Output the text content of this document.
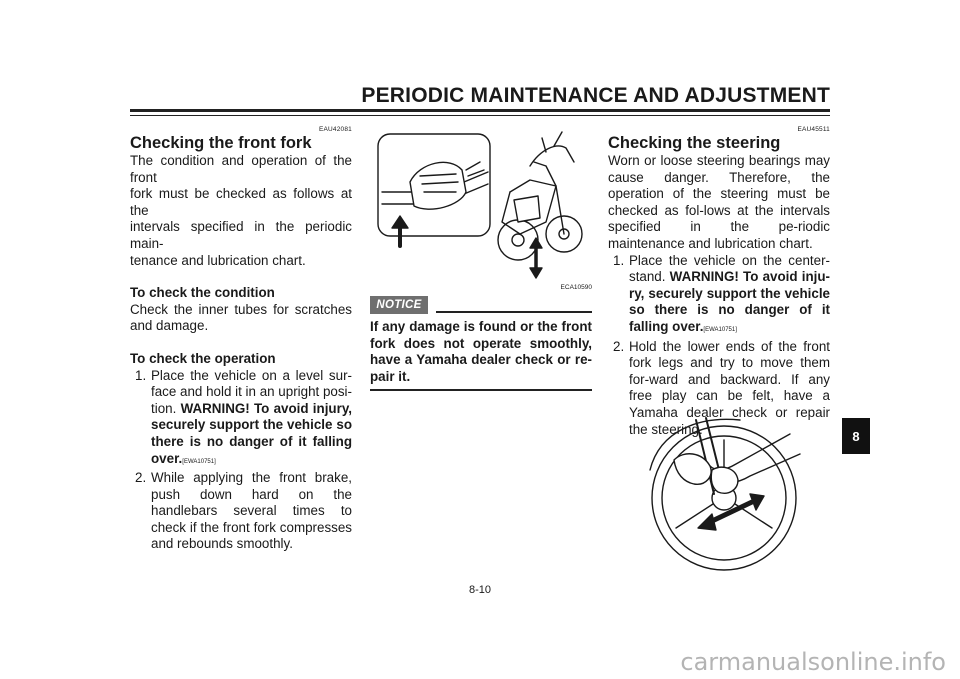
PERIODIC MAINTENANCE AND ADJUSTMENT
EAU42081
Checking the front fork

The condition and operation of the front

fork must be checked as follows at the

intervals specified in the periodic main-

tenance and lubrication chart.

To check the condition

Check the inner tubes for scratches and damage.

To check the operation

1. Place the vehicle on a level sur-face and hold it in an upright posi-tion. WARNING! To avoid injury, securely support the vehicle so there is no danger of it falling over.[EWA10751]
2. While applying the front brake, push down hard on the handlebars several times to check if the front fork compresses and rebounds smoothly.
ECA10590
NOTICE

If any damage is found or the front fork does not operate smoothly, have a Yamaha dealer check or re-pair it.

EAU45511
Checking the steering

Worn or loose steering bearings may cause danger. Therefore, the operation of the steering must be checked as fol-lows at the intervals specified in the pe-riodic maintenance and lubrication chart.

1. Place the vehicle on the center-stand. WARNING! To avoid inju-ry, securely support the vehicle so there is no danger of it falling over.[EWA10751]
2. Hold the lower ends of the front fork legs and try to move them for-ward and backward. If any free play can be felt, have a Yamaha dealer check or repair the steering.
8-10
8
carmanualsonline.info
